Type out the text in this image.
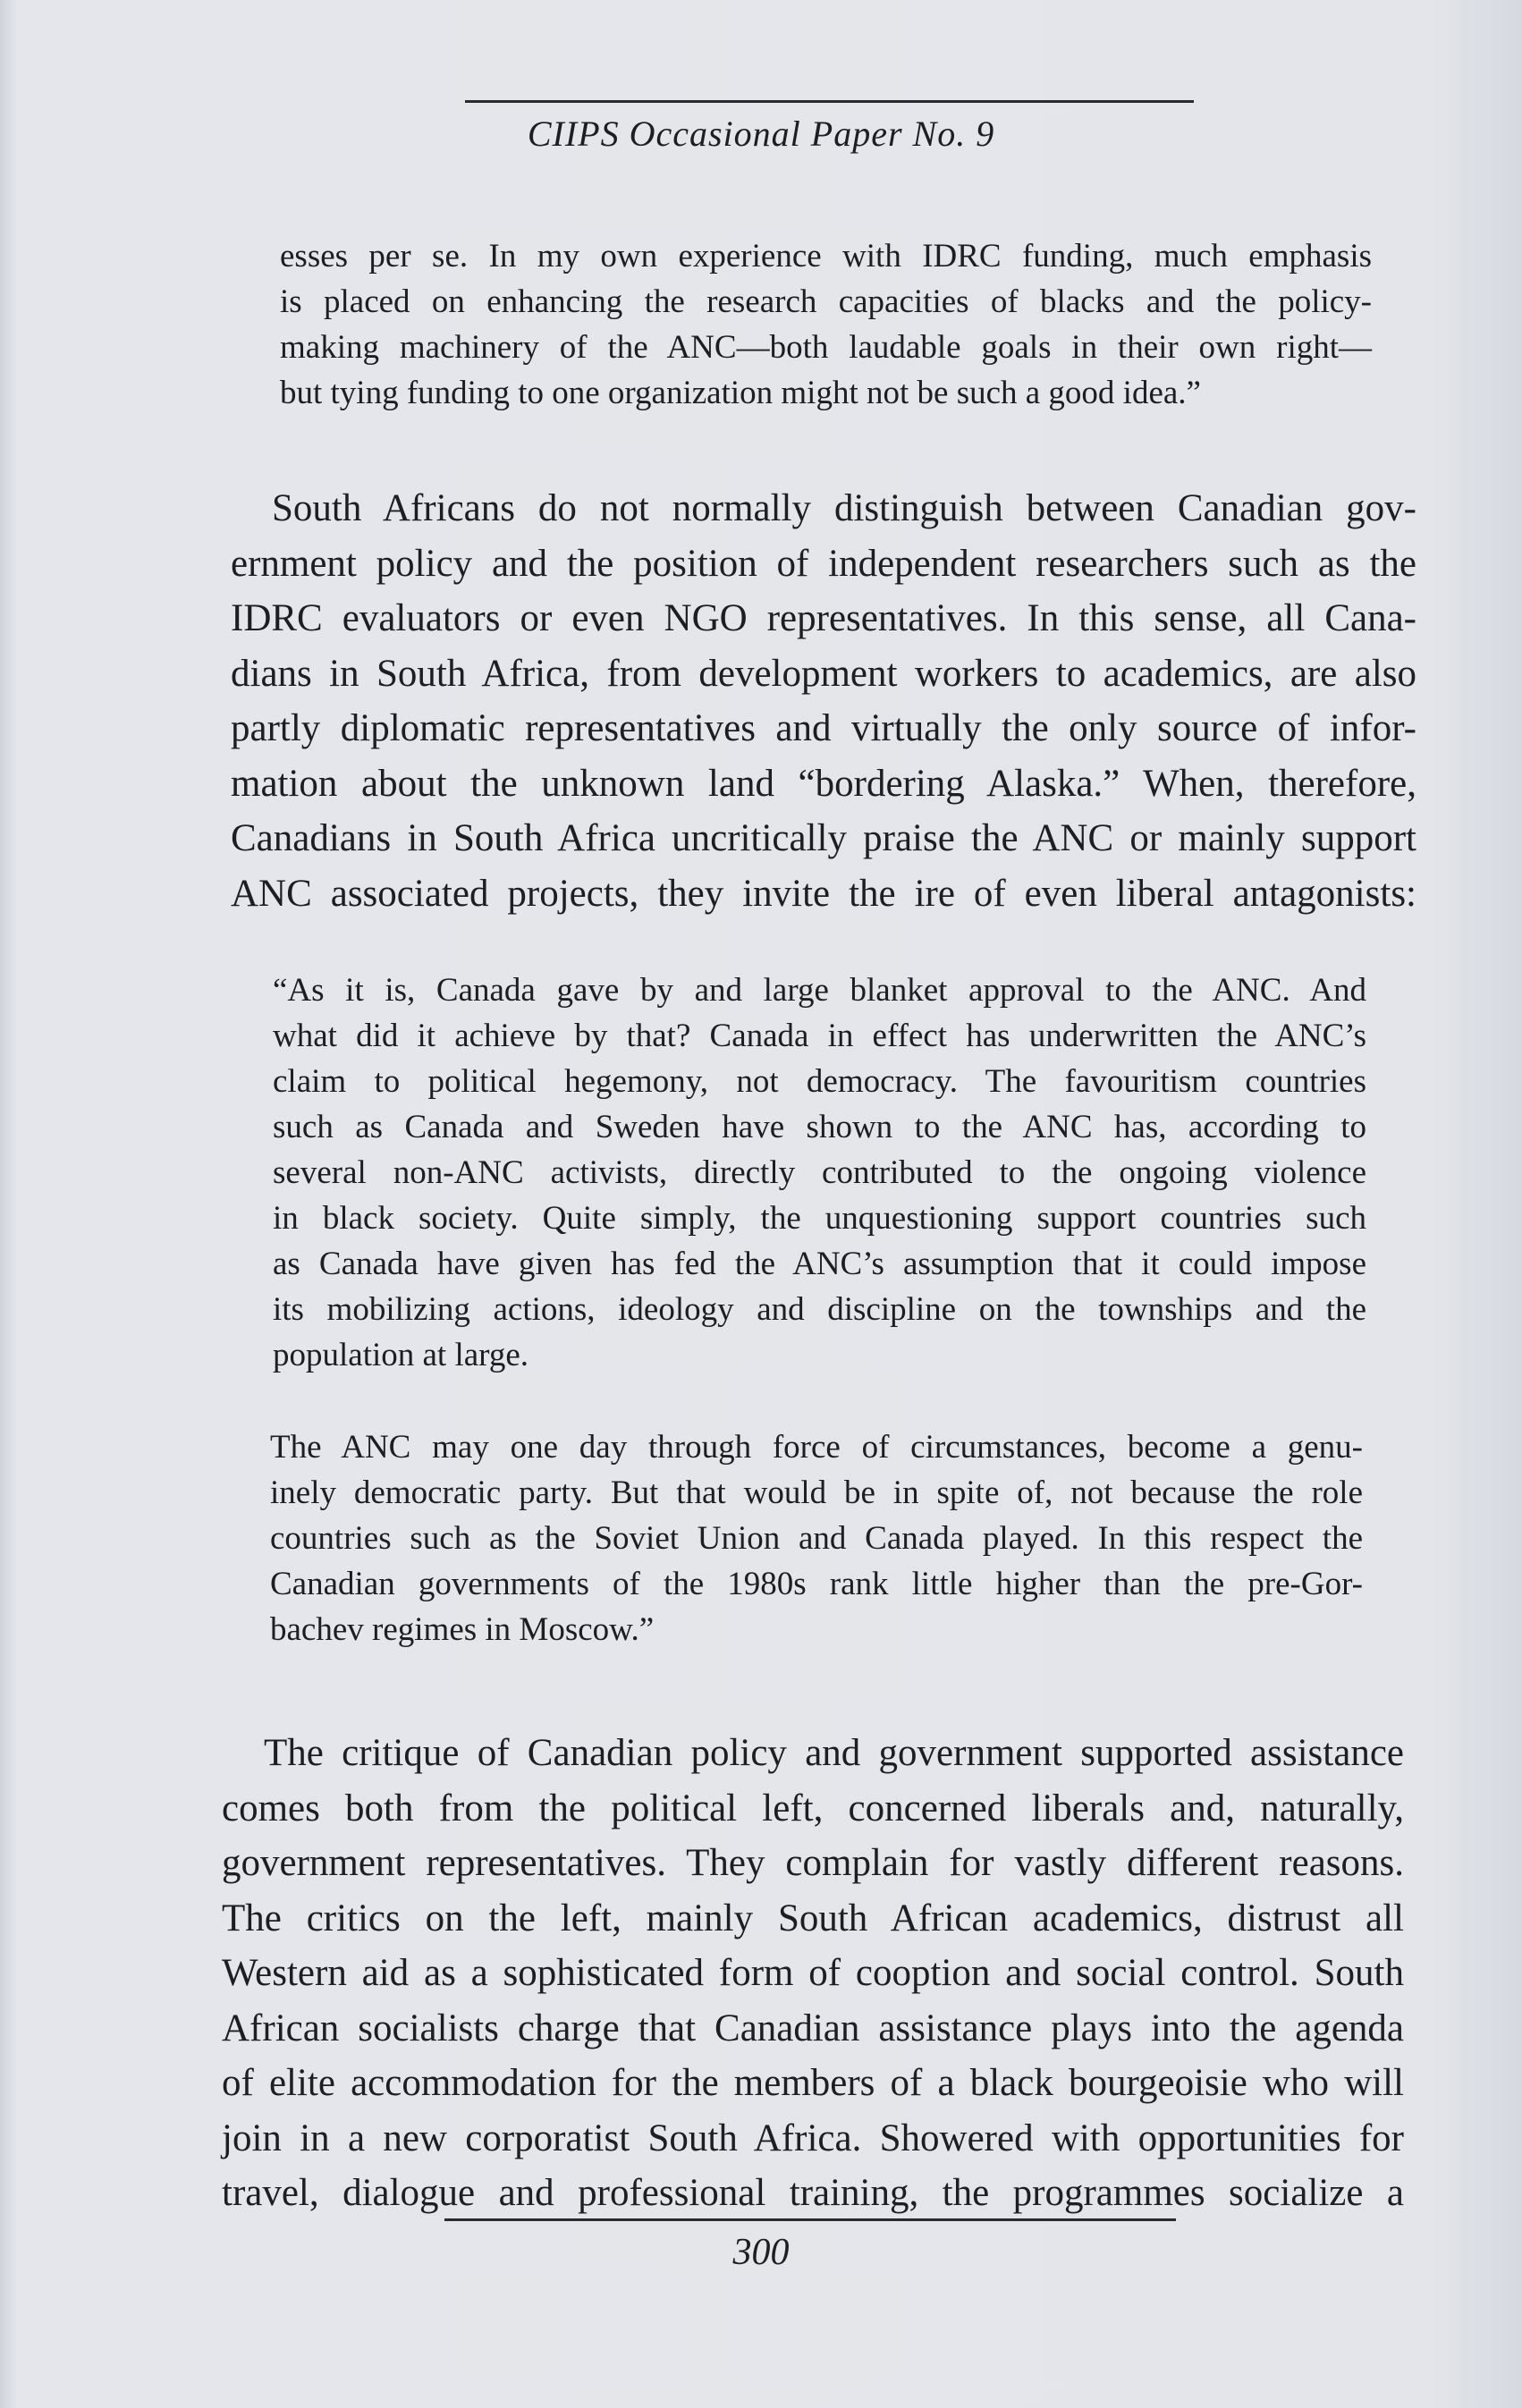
CIIPS Occasional Paper No. 9
esses per se. In my own experience with IDRC funding, much emphasis
is placed on enhancing the research capacities of blacks and the policy-
making machinery of the ANC—both laudable goals in their own right—
but tying funding to one organization might not be such a good idea.”
South Africans do not normally distinguish between Canadian gov-
ernment policy and the position of independent researchers such as the
IDRC evaluators or even NGO representatives. In this sense, all Cana-
dians in South Africa, from development workers to academics, are also
partly diplomatic representatives and virtually the only source of infor-
mation about the unknown land “bordering Alaska.” When, therefore,
Canadians in South Africa uncritically praise the ANC or mainly support
ANC associated projects, they invite the ire of even liberal antagonists:
“As it is, Canada gave by and large blanket approval to the ANC. And
what did it achieve by that? Canada in effect has underwritten the ANC’s
claim to political hegemony, not democracy. The favouritism countries
such as Canada and Sweden have shown to the ANC has, according to
several non-ANC activists, directly contributed to the ongoing violence
in black society. Quite simply, the unquestioning support countries such
as Canada have given has fed the ANC’s assumption that it could impose
its mobilizing actions, ideology and discipline on the townships and the
population at large.
The ANC may one day through force of circumstances, become a genu-
inely democratic party. But that would be in spite of, not because the role
countries such as the Soviet Union and Canada played. In this respect the
Canadian governments of the 1980s rank little higher than the pre-Gor-
bachev regimes in Moscow.”
The critique of Canadian policy and government supported assistance
comes both from the political left, concerned liberals and, naturally,
government representatives. They complain for vastly different reasons.
The critics on the left, mainly South African academics, distrust all
Western aid as a sophisticated form of cooption and social control. South
African socialists charge that Canadian assistance plays into the agenda
of elite accommodation for the members of a black bourgeoisie who will
join in a new corporatist South Africa. Showered with opportunities for
travel, dialogue and professional training, the programmes socialize a
300
